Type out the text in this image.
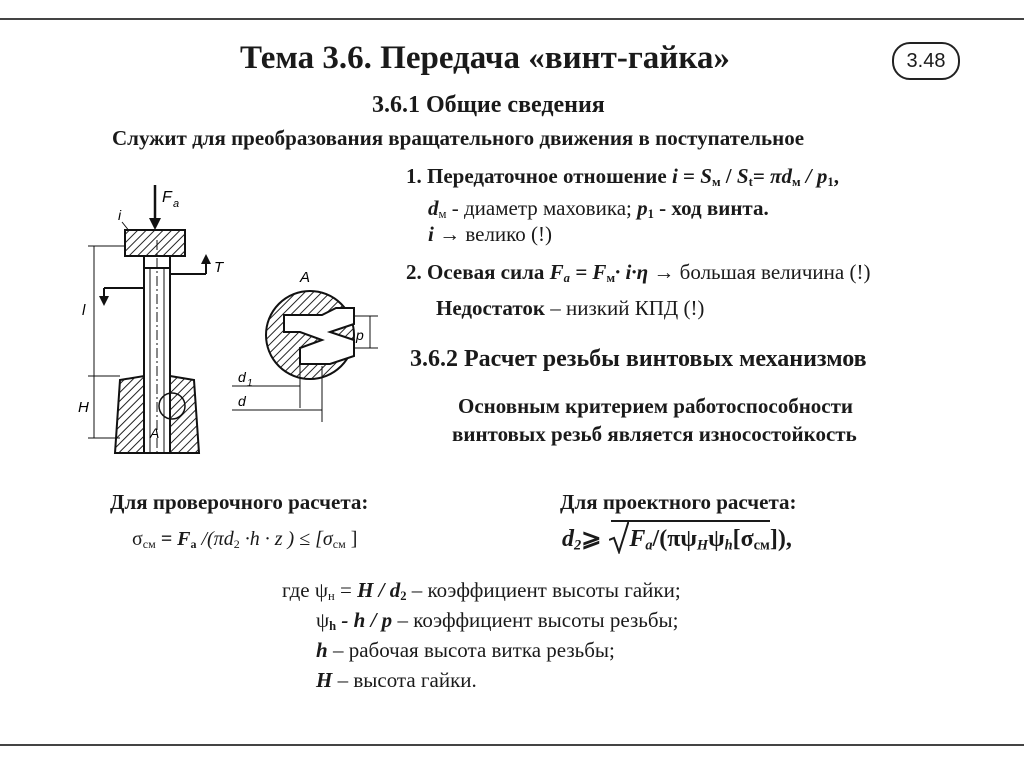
Тема 3.6. Передача «винт-гайка»	3.48
3.6.1 Общие сведения
Служит для преобразования вращательного движения в поступательное
1. Передаточное отношение $i = S_м / S_t= \pi d_м / p_1$,
$d_м$ - диаметр маховика; $p_1$ - ход винта.
i → велико (!)
2. Осевая сила $F_a = F_м\cdot i\cdot\eta$ → большая величина (!)
Недостаток – низкий КПД (!)
3.6.2 Расчет резьбы винтовых механизмов
Основным критерием работоспособности
винтовых резьб является износостойкость
Для проверочного расчета:
$\sigma_{см} = F_a$ $/(\pi d_2 \cdot h \cdot z$ ) ≤ [$\sigma_{см}$ ]
Для проектного расчета:
$d_2⩾$ $F_a/(\pi\psi_H\psi_h[\sigma_{см}])$,
где $\psi_н = H / d_2$ – коэффициент высоты гайки;
$\psi_h$ - h / p – коэффициент высоты резьбы;
h – рабочая высота витка резьбы;
H – высота гайки.
F a
i
T
A
l
H
A
p
d 1
d
